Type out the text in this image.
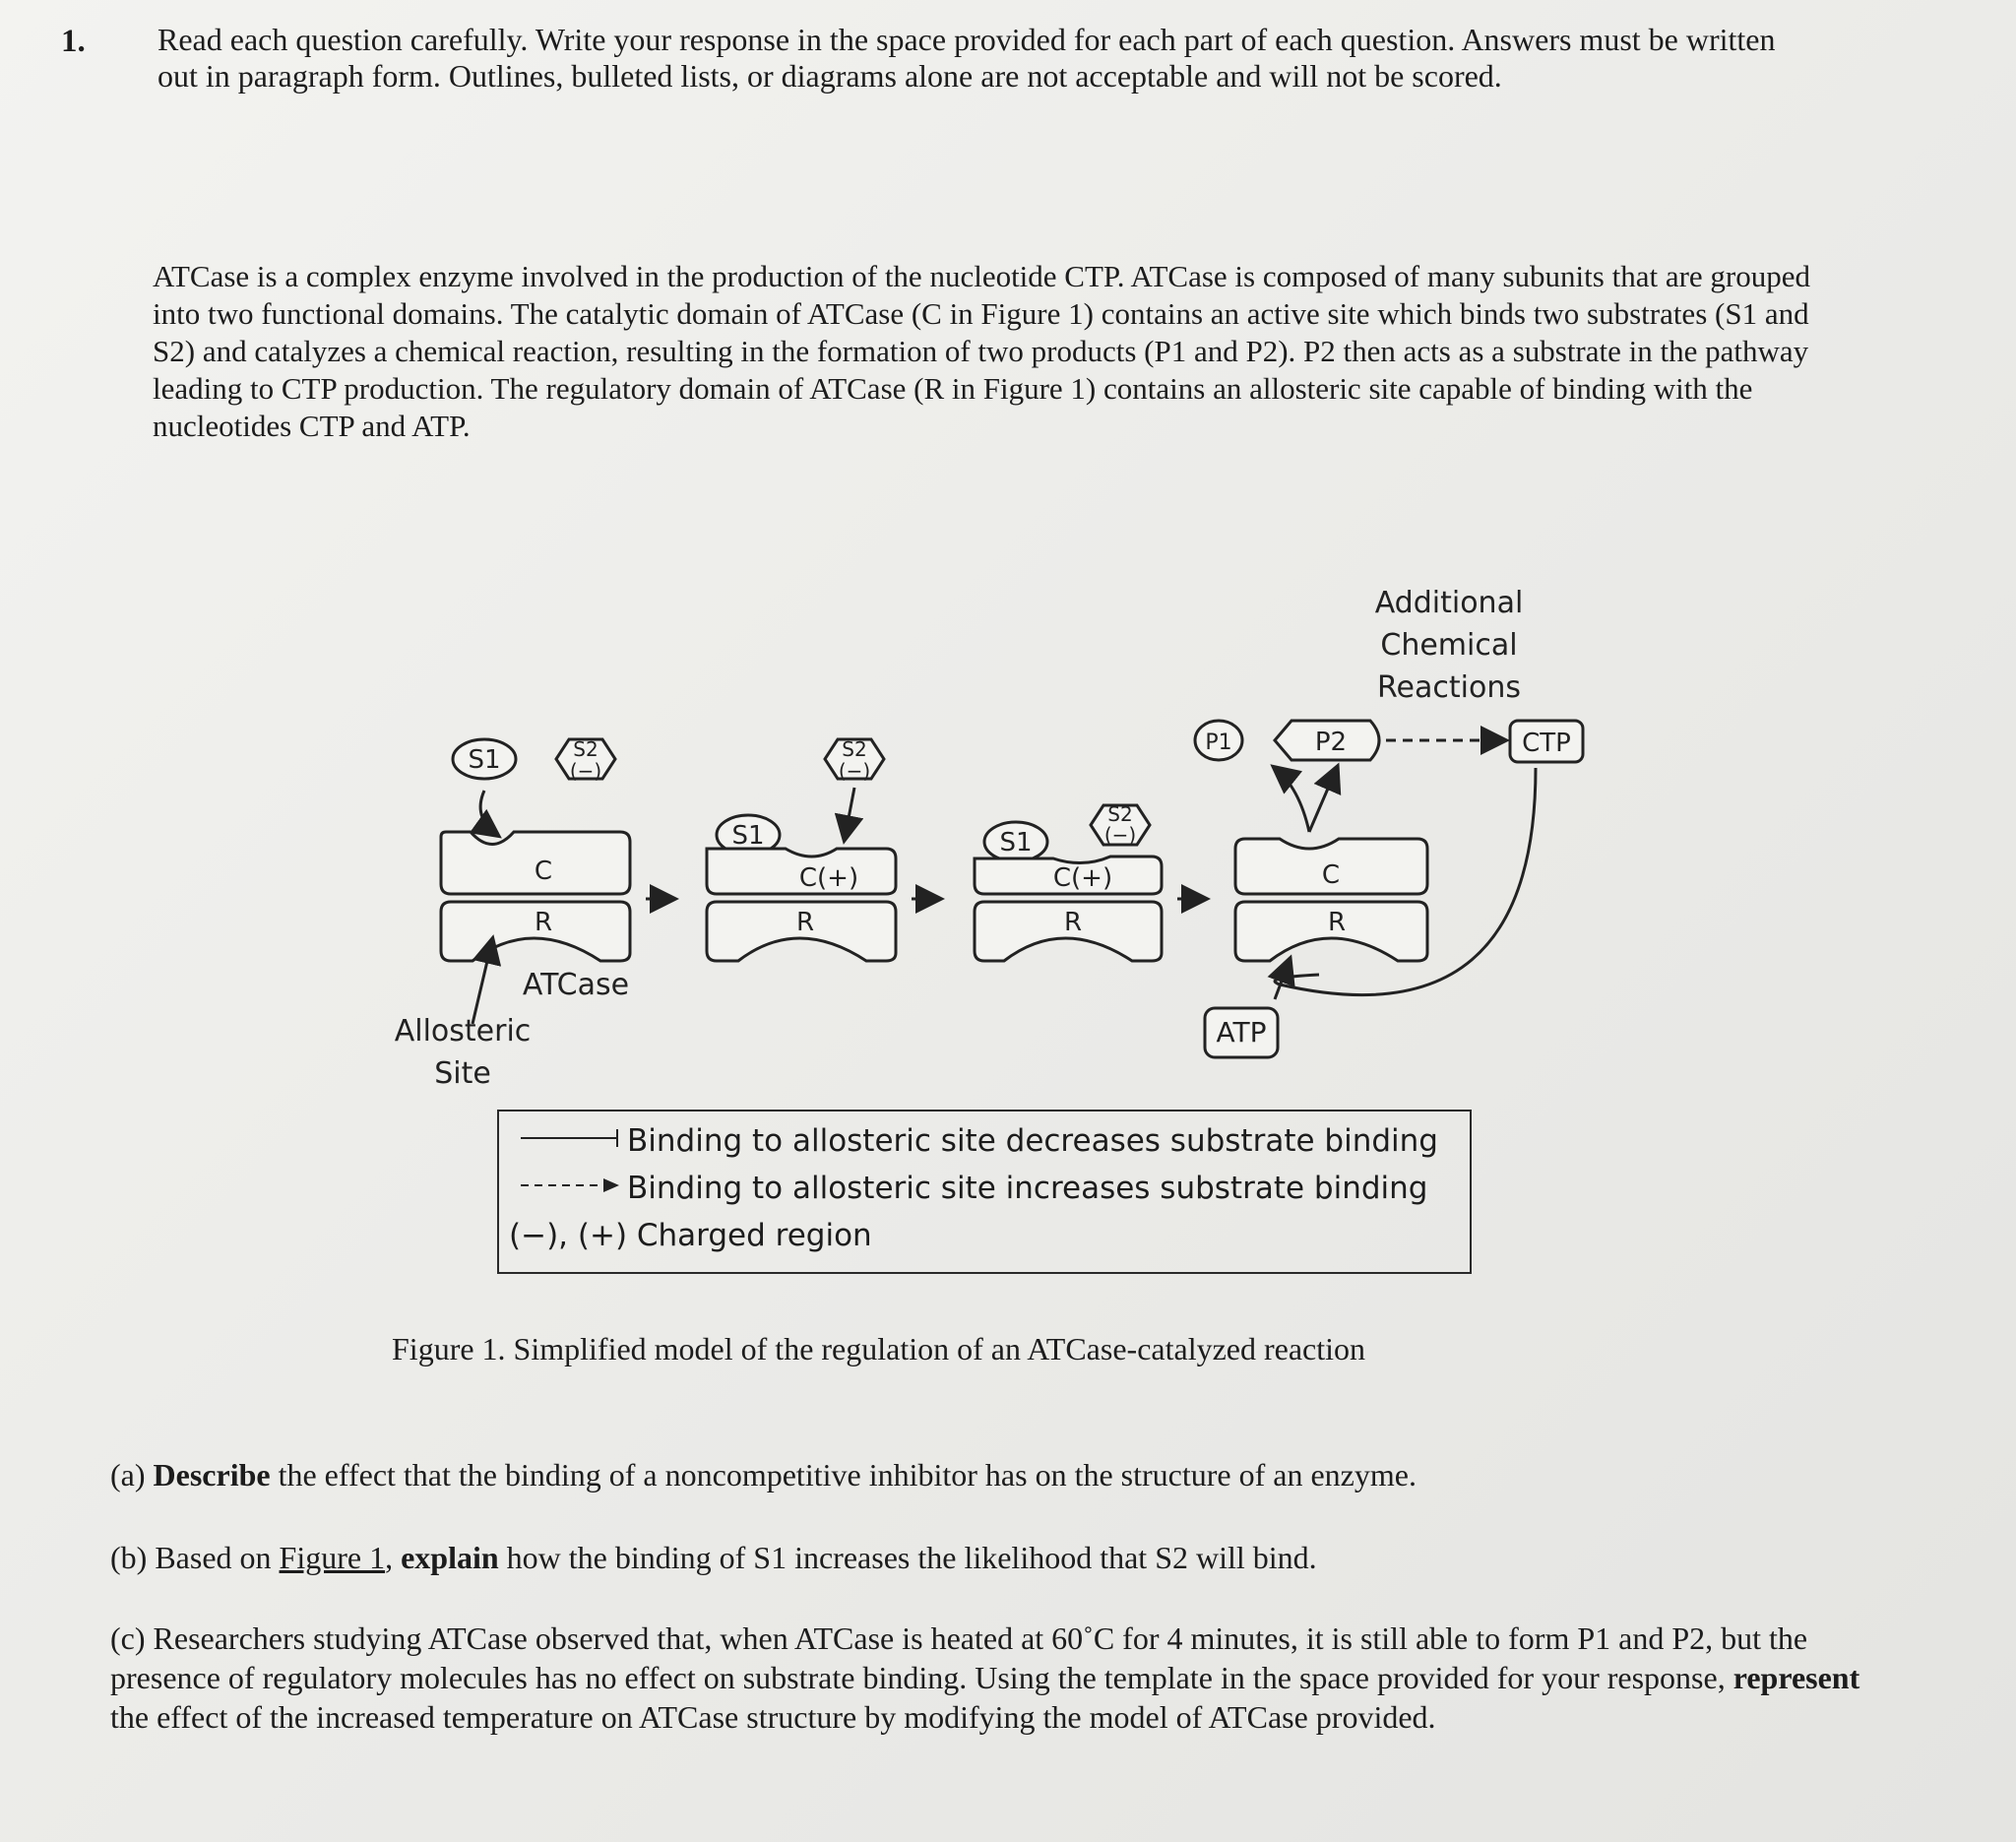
1. Read each question carefully. Write your response in the space provided for each part of each question. Answers must be written out in paragraph form. Outlines, bulleted lists, or diagrams alone are not acceptable and will not be scored.
ATCase is a complex enzyme involved in the production of the nucleotide CTP. ATCase is composed of many subunits that are grouped into two functional domains. The catalytic domain of ATCase (C in Figure 1) contains an active site which binds two substrates (S1 and S2) and catalyzes a chemical reaction, resulting in the formation of two products (P1 and P2). P2 then acts as a substrate in the pathway leading to CTP production. The regulatory domain of ATCase (R in Figure 1) contains an allosteric site capable of binding with the nucleotides CTP and ATP.
Additional
Chemical
Reactions
S1	S2
(−)
C
R
ATCase
Allosteric
Site
S2
(−)
S1
C(+)
R
S1
S2
(−)
C(+)
R
P1	P2	CTP
C
R
ATP
Binding to allosteric site decreases substrate binding
Binding to allosteric site increases substrate binding
(−), (+) Charged region
Figure 1. Simplified model of the regulation of an ATCase-catalyzed reaction
(a) Describe the effect that the binding of a noncompetitive inhibitor has on the structure of an enzyme.
(b) Based on Figure 1, explain how the binding of S1 increases the likelihood that S2 will bind.
(c) Researchers studying ATCase observed that, when ATCase is heated at 60˚C for 4 minutes, it is still able to form P1 and P2, but the presence of regulatory molecules has no effect on substrate binding. Using the template in the space provided for your response, represent the effect of the increased temperature on ATCase structure by modifying the model of ATCase provided.
